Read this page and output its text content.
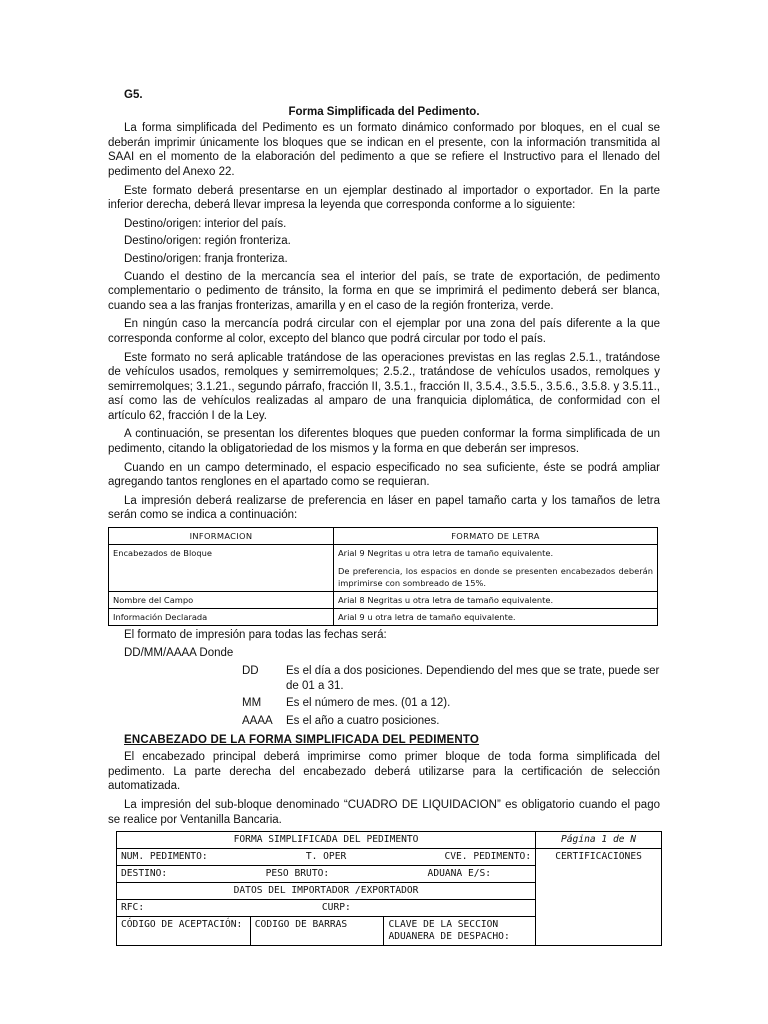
G5.
Forma Simplificada del Pedimento.

La forma simplificada del Pedimento es un formato dinámico conformado por bloques, en el cual se deberán imprimir únicamente los bloques que se indican en el presente, con la información transmitida al SAAI en el momento de la elaboración del pedimento a que se refiere el Instructivo para el llenado del pedimento del Anexo 22.

Este formato deberá presentarse en un ejemplar destinado al importador o exportador. En la parte inferior derecha, deberá llevar impresa la leyenda que corresponda conforme a lo siguiente:

Destino/origen: interior del país.

Destino/origen: región fronteriza.

Destino/origen: franja fronteriza.

Cuando el destino de la mercancía sea el interior del país, se trate de exportación, de pedimento complementario o pedimento de tránsito, la forma en que se imprimirá el pedimento deberá ser blanca, cuando sea a las franjas fronterizas, amarilla y en el caso de la región fronteriza, verde.

En ningún caso la mercancía podrá circular con el ejemplar por una zona del país diferente a la que corresponda conforme al color, excepto del blanco que podrá circular por todo el país.

Este formato no será aplicable tratándose de las operaciones previstas en las reglas 2.5.1., tratándose de vehículos usados, remolques y semirremolques; 2.5.2., tratándose de vehículos usados, remolques y semirremolques; 3.1.21., segundo párrafo, fracción II, 3.5.1., fracción II, 3.5.4., 3.5.5., 3.5.6., 3.5.8. y 3.5.11., así como las de vehículos realizadas al amparo de una franquicia diplomática, de conformidad con el artículo 62, fracción I de la Ley.

A continuación, se presentan los diferentes bloques que pueden conformar la forma simplificada de un pedimento, citando la obligatoriedad de los mismos y la forma en que deberán ser impresos.

Cuando en un campo determinado, el espacio especificado no sea suficiente, éste se podrá ampliar agregando tantos renglones en el apartado como se requieran.

La impresión deberá realizarse de preferencia en láser en papel tamaño carta y los tamaños de letra serán como se indica a continuación:

INFORMACION	FORMATO DE LETRA
Encabezados de Bloque	Arial 9 Negritas u otra letra de tamaño equivalente.
De preferencia, los espacios en donde se presenten encabezados deberán imprimirse con sombreado de 15%.

Nombre del Campo	Arial 8 Negritas u otra letra de tamaño equivalente.
Información Declarada	Arial 9 u otra letra de tamaño equivalente.

El formato de impresión para todas las fechas será:

DD/MM/AAAA Donde

DD	Es el día a dos posiciones. Dependiendo del mes que se trate, puede ser de 01 a 31.
MM	Es el número de mes. (01 a 12).
AAAA	Es el año a cuatro posiciones.
ENCABEZADO DE LA FORMA SIMPLIFICADA DEL PEDIMENTO

El encabezado principal deberá imprimirse como primer bloque de toda forma simplificada del pedimento. La parte derecha del encabezado deberá utilizarse para la certificación de selección automatizada.

La impresión del sub-bloque denominado “CUADRO DE LIQUIDACION” es obligatorio cuando el pago se realice por Ventanilla Bancaria.

FORMA SIMPLIFICADA DEL PEDIMENTO			Página 1 de N

NUM. PEDIMENTO: T. OPER CVE. PEDIMENTO:			CERTIFICACIONES

DESTINO: PESO BRUTO: ADUANA E/S:			

DATOS DEL IMPORTADOR /EXPORTADOR			
RFC: CURP:			
CÓDIGO DE ACEPTACIÓN:	CODIGO DE BARRAS	CLAVE DE LA SECCION ADUANERA DE DESPACHO:	
